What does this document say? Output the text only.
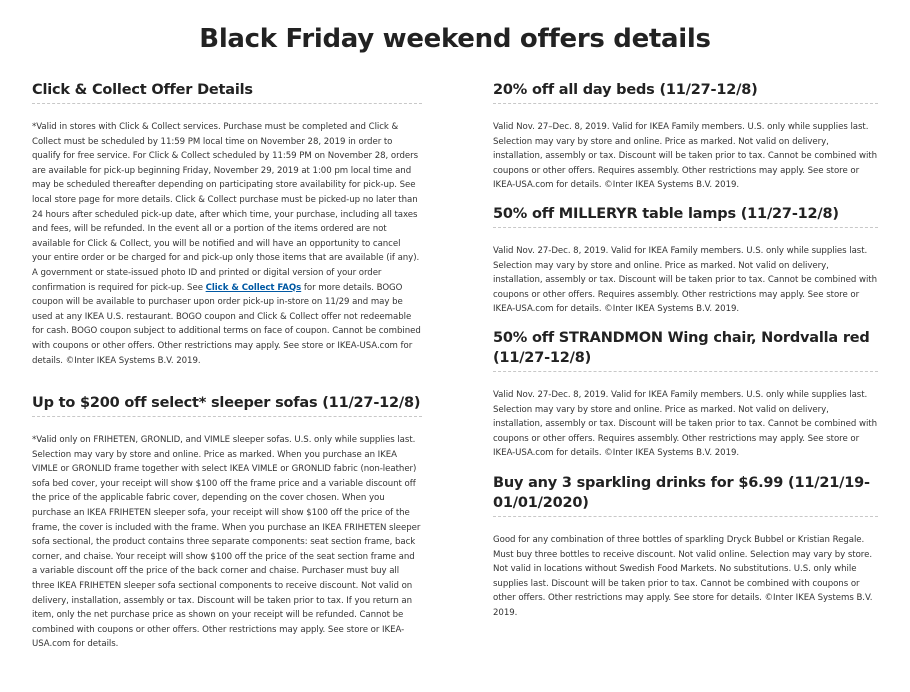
Black Friday weekend offers details
Click & Collect Offer Details

*Valid in stores with Click & Collect services. Purchase must be completed and Click & Collect must be scheduled by 11:59 PM local time on November 28, 2019 in order to qualify for free service. For Click & Collect scheduled by 11:59 PM on November 28, orders are available for pick-up beginning Friday, November 29, 2019 at 1:00 pm local time and may be scheduled thereafter depending on participating store availability for pick-up. See local store page for more details. Click & Collect purchase must be picked-up no later than 24 hours after scheduled pick-up date, after which time, your purchase, including all taxes and fees, will be refunded. In the event all or a portion of the items ordered are not available for Click & Collect, you will be notified and will have an opportunity to cancel your entire order or be charged for and pick-up only those items that are available (if any). A government or state-issued photo ID and printed or digital version of your order confirmation is required for pick-up. See Click & Collect FAQs for more details. BOGO coupon will be available to purchaser upon order pick-up in-store on 11/29 and may be used at any IKEA U.S. restaurant. BOGO coupon and Click & Collect offer not redeemable for cash. BOGO coupon subject to additional terms on face of coupon. Cannot be combined with coupons or other offers. Other restrictions may apply. See store or IKEA-USA.com for details. ©Inter IKEA Systems B.V. 2019.

Up to $200 off select* sleeper sofas (11/27-12/8)

*Valid only on FRIHETEN, GRONLID, and VIMLE sleeper sofas. U.S. only while supplies last. Selection may vary by store and online. Price as marked. When you purchase an IKEA VIMLE or GRONLID frame together with select IKEA VIMLE or GRONLID fabric (non-leather) sofa bed cover, your receipt will show $100 off the frame price and a variable discount off the price of the applicable fabric cover, depending on the cover chosen. When you purchase an IKEA FRIHETEN sleeper sofa, your receipt will show $100 off the price of the frame, the cover is included with the frame. When you purchase an IKEA FRIHETEN sleeper sofa sectional, the product contains three separate components: seat section frame, back corner, and chaise. Your receipt will show $100 off the price of the seat section frame and a variable discount off the price of the back corner and chaise. Purchaser must buy all three IKEA FRIHETEN sleeper sofa sectional components to receive discount. Not valid on delivery, installation, assembly or tax. Discount will be taken prior to tax. If you return an item, only the net purchase price as shown on your receipt will be refunded. Cannot be combined with coupons or other offers. Other restrictions may apply. See store or IKEA-USA.com for details.

20% off all day beds (11/27-12/8)

Valid Nov. 27–Dec. 8, 2019. Valid for IKEA Family members. U.S. only while supplies last. Selection may vary by store and online. Price as marked. Not valid on delivery, installation, assembly or tax. Discount will be taken prior to tax. Cannot be combined with coupons or other offers. Requires assembly. Other restrictions may apply. See store or IKEA-USA.com for details. ©Inter IKEA Systems B.V. 2019.

50% off MILLERYR table lamps (11/27-12/8)

Valid Nov. 27-Dec. 8, 2019. Valid for IKEA Family members. U.S. only while supplies last. Selection may vary by store and online. Price as marked. Not valid on delivery, installation, assembly or tax. Discount will be taken prior to tax. Cannot be combined with coupons or other offers. Requires assembly. Other restrictions may apply. See store or IKEA-USA.com for details. ©Inter IKEA Systems B.V. 2019.

50% off STRANDMON Wing chair, Nordvalla red (11/27-12/8)

Valid Nov. 27-Dec. 8, 2019. Valid for IKEA Family members. U.S. only while supplies last. Selection may vary by store and online. Price as marked. Not valid on delivery, installation, assembly or tax. Discount will be taken prior to tax. Cannot be combined with coupons or other offers. Requires assembly. Other restrictions may apply. See store or IKEA-USA.com for details. ©Inter IKEA Systems B.V. 2019.

Buy any 3 sparkling drinks for $6.99 (11/21/19-01/01/2020)

Good for any combination of three bottles of sparkling Dryck Bubbel or Kristian Regale. Must buy three bottles to receive discount. Not valid online. Selection may vary by store. Not valid in locations without Swedish Food Markets. No substitutions. U.S. only while supplies last. Discount will be taken prior to tax. Cannot be combined with coupons or other offers. Other restrictions may apply. See store for details. ©Inter IKEA Systems B.V. 2019.
